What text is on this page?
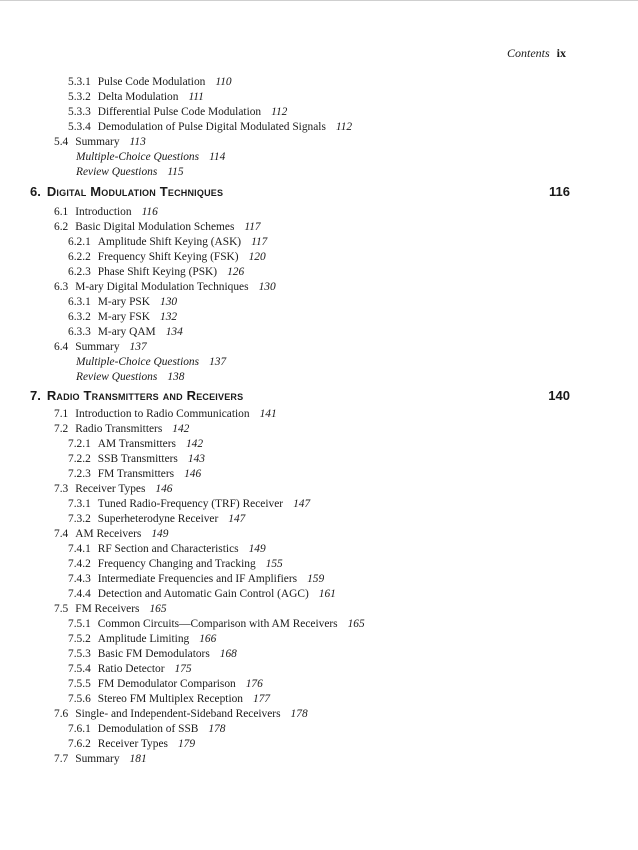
Contents ix
5.3.1 Pulse Code Modulation 110
5.3.2 Delta Modulation 111
5.3.3 Differential Pulse Code Modulation 112
5.3.4 Demodulation of Pulse Digital Modulated Signals 112
5.4 Summary 113
Multiple-Choice Questions 114
Review Questions 115
6. Digital Modulation Techniques	116
6.1 Introduction 116
6.2 Basic Digital Modulation Schemes 117
6.2.1 Amplitude Shift Keying (ASK) 117
6.2.2 Frequency Shift Keying (FSK) 120
6.2.3 Phase Shift Keying (PSK) 126
6.3 M-ary Digital Modulation Techniques 130
6.3.1 M-ary PSK 130
6.3.2 M-ary FSK 132
6.3.3 M-ary QAM 134
6.4 Summary 137
Multiple-Choice Questions 137
Review Questions 138
7. Radio Transmitters and Receivers	140
7.1 Introduction to Radio Communication 141
7.2 Radio Transmitters 142
7.2.1 AM Transmitters 142
7.2.2 SSB Transmitters 143
7.2.3 FM Transmitters 146
7.3 Receiver Types 146
7.3.1 Tuned Radio-Frequency (TRF) Receiver 147
7.3.2 Superheterodyne Receiver 147
7.4 AM Receivers 149
7.4.1 RF Section and Characteristics 149
7.4.2 Frequency Changing and Tracking 155
7.4.3 Intermediate Frequencies and IF Amplifiers 159
7.4.4 Detection and Automatic Gain Control (AGC) 161
7.5 FM Receivers 165
7.5.1 Common Circuits—Comparison with AM Receivers 165
7.5.2 Amplitude Limiting 166
7.5.3 Basic FM Demodulators 168
7.5.4 Ratio Detector 175
7.5.5 FM Demodulator Comparison 176
7.5.6 Stereo FM Multiplex Reception 177
7.6 Single- and Independent-Sideband Receivers 178
7.6.1 Demodulation of SSB 178
7.6.2 Receiver Types 179
7.7 Summary 181
